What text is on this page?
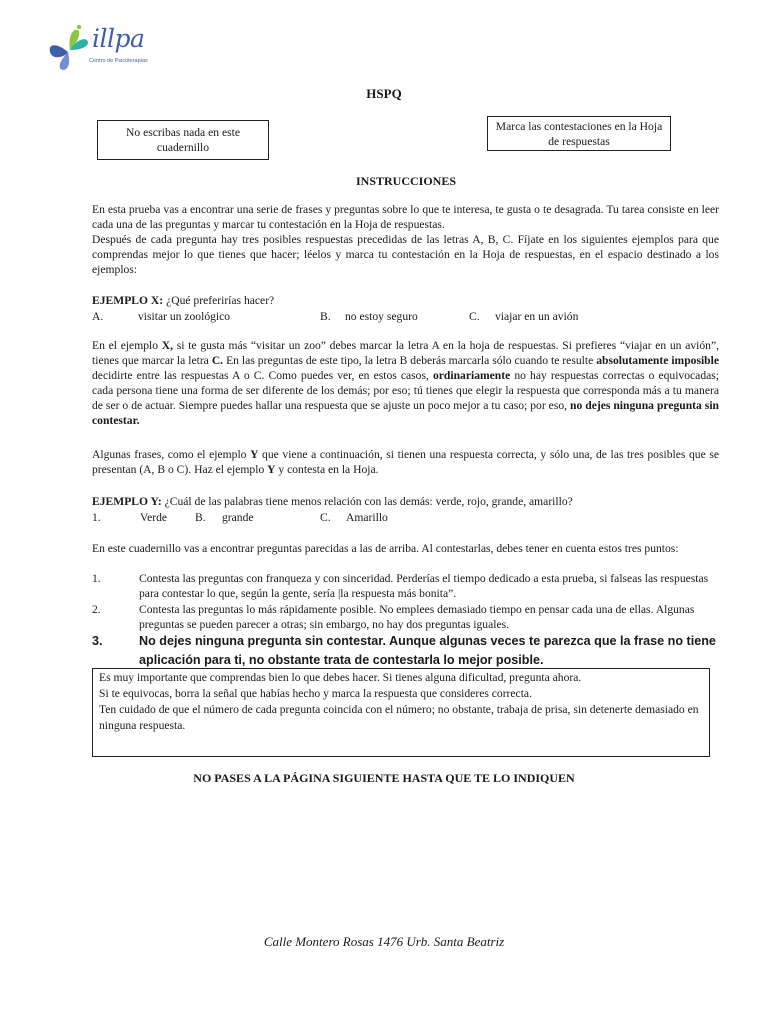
illpa
Centro de Psicoterapias
HSPQ
No escribas nada en este cuadernillo
Marca las contestaciones en la Hoja de respuestas
INSTRUCCIONES
En esta prueba vas a encontrar una serie de frases y preguntas sobre lo que te interesa, te gusta o te desagrada. Tu tarea consiste en leer cada una de las preguntas y marcar tu contestación en la Hoja de respuestas.
Después de cada pregunta hay tres posibles respuestas precedidas de las letras A, B, C. Fíjate en los siguientes ejemplos para que comprendas mejor lo que tienes que hacer; léelos y marca tu contestación en la Hoja de respuestas, en el espacio destinado a los ejemplos:
EJEMPLO X: ¿Qué preferirías hacer?
A.	visitar un zoológico	B. no estoy seguro	C. viajar en un avión
En el ejemplo X, si te gusta más “visitar un zoo” debes marcar la letra A en la hoja de respuestas. Si prefieres “viajar en un avión”, tienes que marcar la letra C. En las preguntas de este tipo, la letra B deberás marcarla sólo cuando te resulte absolutamente imposible decidirte entre las respuestas A o C. Como puedes ver, en estos casos, ordinariamente no hay respuestas correctas o equivocadas; cada persona tiene una forma de ser diferente de los demás; por eso; tú tienes que elegir la respuesta que corresponda más a tu manera de ser o de actuar. Siempre puedes hallar una respuesta que se ajuste un poco mejor a tu caso; por eso, no dejes ninguna pregunta sin contestar.
Algunas frases, como el ejemplo Y que viene a continuación, si tienen una respuesta correcta, y sólo una, de las tres posibles que se presentan (A, B o C). Haz el ejemplo Y y contesta en la Hoja.
EJEMPLO Y: ¿Cuál de las palabras tiene menos relación con las demás: verde, rojo, grande, amarillo?
1.	Verde B. grande	C. Amarillo
En este cuadernillo vas a encontrar preguntas parecidas a las de arriba. Al contestarlas, debes tener en cuenta estos tres puntos:
1.	Contesta las preguntas con franqueza y con sinceridad. Perderías el tiempo dedicado a esta prueba, si falseas las respuestas para contestar lo que, según la gente, sería |la respuesta más bonita”.
2.	Contesta las preguntas lo más rápidamente posible. No emplees demasiado tiempo en pensar cada una de ellas. Algunas preguntas se pueden parecer a otras; sin embargo, no hay dos preguntas iguales.
3.	No dejes ninguna pregunta sin contestar. Aunque algunas veces te parezca que la frase no tiene aplicación para ti, no obstante trata de contestarla lo mejor posible.
Es muy importante que comprendas bien lo que debes hacer. Si tienes alguna dificultad, pregunta ahora.
Si te equivocas, borra la señal que habías hecho y marca la respuesta que consideres correcta.
Ten cuidado de que el número de cada pregunta coincida con el número; no obstante, trabaja de prisa, sin detenerte demasiado en ninguna respuesta.
NO PASES A LA PÁGINA SIGUIENTE HASTA QUE TE LO INDIQUEN
Calle Montero Rosas 1476 Urb. Santa Beatriz
